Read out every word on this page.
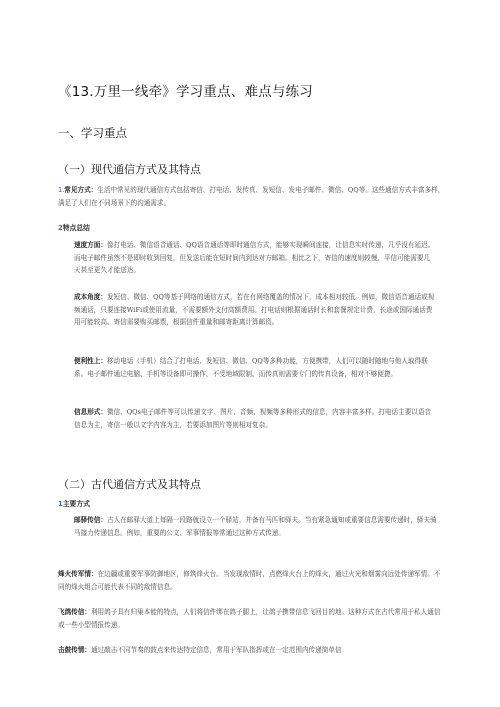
《13.万里一线牵》学习重点、难点与练习
一、学习重点
（一）现代通信方式及其特点
1.常见方式：生活中常见的现代通信方式包括寄信、打电话、发传真、发短信、发电子邮件、微信、QQ等。这些通信方式丰富多样，满足了人们在不同场景下的沟通需求。
2特点总结
速度方面：像打电话、微信语音通话、QQ语音通话等即时通信方式，能够实现瞬间连接，让信息实时传递，几乎没有延迟。而电子邮件虽然不是即时收到回复，但发送后能在短时间内到达对方邮箱。相比之下，寄信的速度则较慢，平信可能需要几天甚至更久才能送达。
成本角度：发短信、微信、QQ等基于网络的通信方式，若在有网络覆盖的情况下，成本相对较低。例如，微信语音通话或视频通话，只要连接WiFi或使用流量，不需要额外支付高额费用。打电话则根据通话时长和套餐规定计费，长途或国际通话费用可能较高。寄信需要购买邮票，根据信件重量和邮寄距离计算邮资。
便利性上：移动电话（手机）结合了打电话、发短信、微信、QQ等多种功能，方便携带，人们可以随时随地与他人取得联系。电子邮件通过电脑、手机等设备即可操作，不受地域限制。而传真则需要专门的传真设备，相对不够便捷。
信息形式：微信、QQs电子邮件等可以传递文字、图片、音频、视频等多种形式的信息，内容丰富多样。打电话主要以语音信息为主，寄信一般以文字内容为主，若要添加图片等则相对复杂。
（二）古代通信方式及其特点
1主要方式
邮驿传信：古人在邮驿大道上每隔一段路就设立一个驿站，并备有马匹和驿夫。当有紧急通知或重要信息需要传递时，驿夫骑马接力传递信息。例如，重要的公文、军事情报等常通过这种方式传递。
烽火传军情：在边疆或重要军事防御地区，修筑烽火台。当发现敌情时，点燃烽火台上的烽火，通过火光和烟雾向远处传递军情。不同的烽火组合可能代表不同的敌情信息。
飞鸽传信：利用鸽子具有归巢本能的特点，人们将信件绑在鸽子腿上，让鸽子携带信息飞回目的地。这种方式在古代常用于私人通信或一些小型情报传递。
击鼓传情：通过敲击不同节奏的鼓点来传达特定信息，常用于军队指挥或在一定范围内传递简单信
